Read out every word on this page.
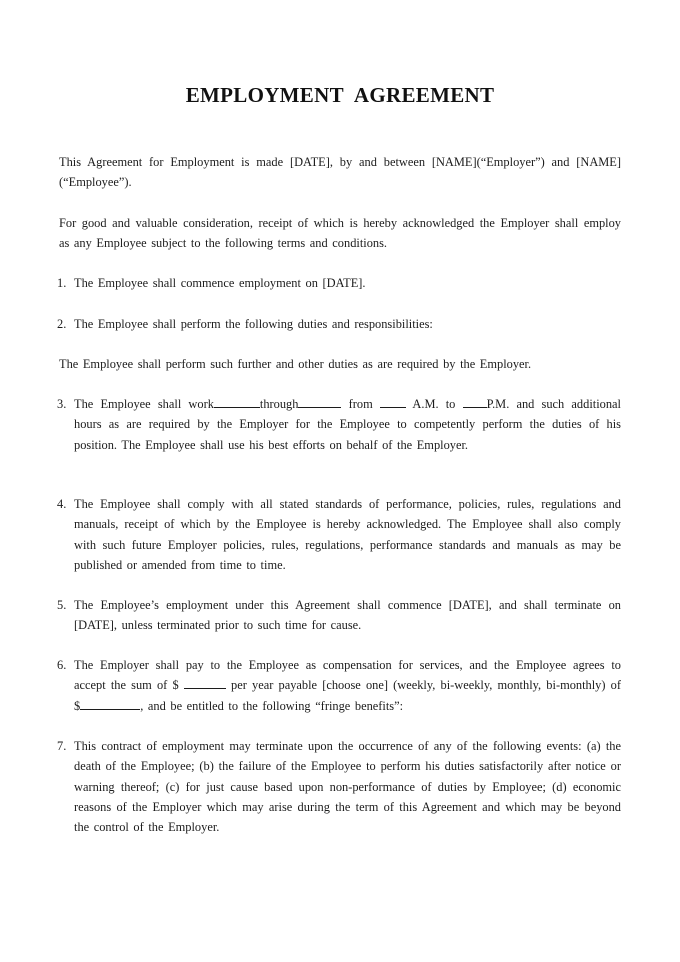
EMPLOYMENT AGREEMENT
This Agreement for Employment is made [DATE], by and between [NAME](“Employer”) and [NAME](“Employee”).
For good and valuable consideration, receipt of which is hereby acknowledged the Employer shall employ as any Employee subject to the following terms and conditions.
1. The Employee shall commence employment on [DATE].
2. The Employee shall perform the following duties and responsibilities:
The Employee shall perform such further and other duties as are required by the Employer.
3. The Employee shall work	through	from  A.M. to P.M. and such additional hours as are required by the Employer for the Employee to competently perform the duties of his position. The Employee shall use his best efforts on behalf of the Employer.
4. The Employee shall comply with all stated standards of performance, policies, rules, regulations and manuals, receipt of which by the Employee is hereby acknowledged. The Employee shall also comply with such future Employer policies, rules, regulations, performance standards and manuals as may be published or amended from time to time.
5. The Employee’s employment under this Agreement shall commence [DATE], and shall terminate on [DATE], unless terminated prior to such time for cause.
6. The Employer shall pay to the Employee as compensation for services, and the Employee agrees to accept the sum of $	per year payable [choose one] (weekly, bi-weekly, monthly, bi-monthly) of $	, and be entitled to the following “fringe benefits”:
7. This contract of employment may terminate upon the occurrence of any of the following events: (a) the death of the Employee; (b) the failure of the Employee to perform his duties satisfactorily after notice or warning thereof; (c) for just cause based upon non-performance of duties by Employee; (d) economic reasons of the Employer which may arise during the term of this Agreement and which may be beyond the control of the Employer.
